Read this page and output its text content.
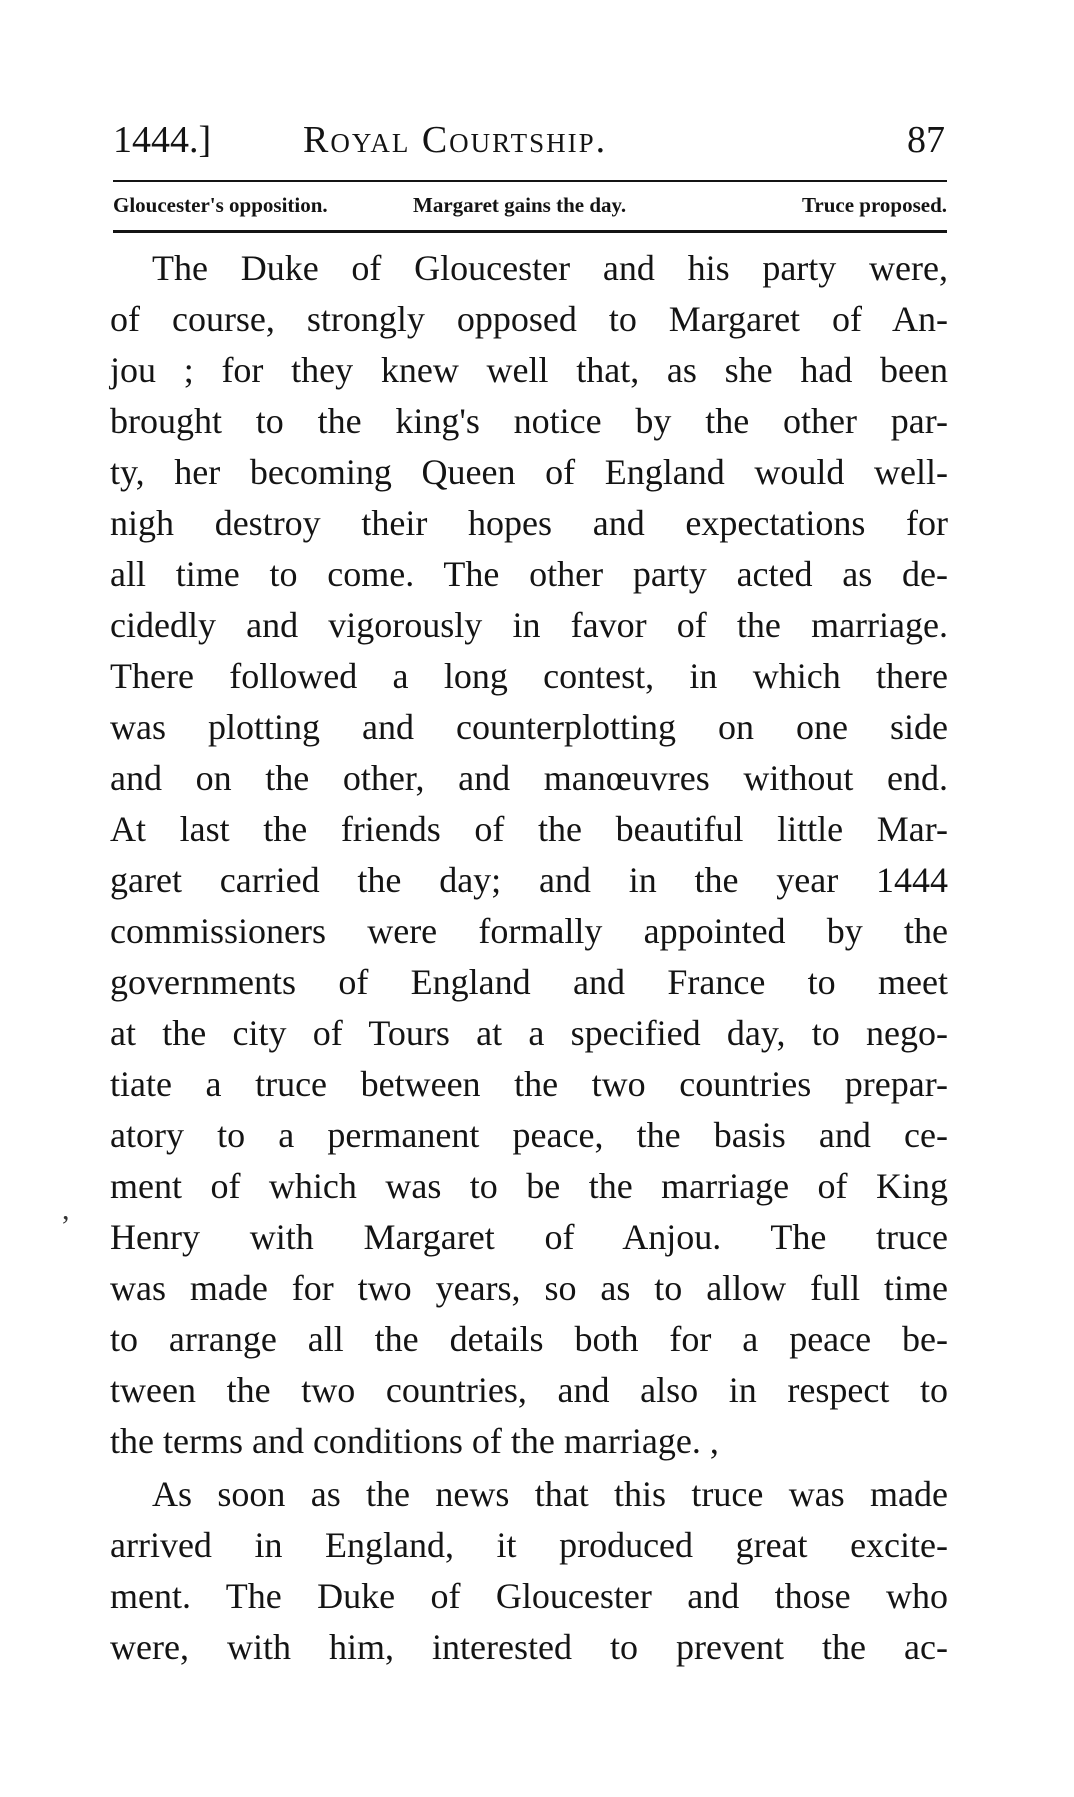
1444.] Royal Courtship.	87
Gloucester's opposition.	Margaret gains the day.	Truce proposed.
The Duke of Gloucester and his party were,
of course, strongly opposed to Margaret of An-
jou ; for they knew well that, as she had been
brought to the king's notice by the other par-
ty, her becoming Queen of England would well-
nigh destroy their hopes and expectations for
all time to come. The other party acted as de-
cidedly and vigorously in favor of the marriage.
There followed a long contest, in which there
was plotting and counterplotting on one side
and on the other, and manœuvres without end.
At last the friends of the beautiful little Mar-
garet carried the day; and in the year 1444
commissioners were formally appointed by the
governments of England and France to meet
at the city of Tours at a specified day, to nego-
tiate a truce between the two countries prepar-
atory to a permanent peace, the basis and ce-
ment of which was to be the marriage of King
Henry with Margaret of Anjou. The truce
was made for two years, so as to allow full time
to arrange all the details both for a peace be-
tween the two countries, and also in respect to
the terms and conditions of the marriage. ,
As soon as the news that this truce was made
arrived in England, it produced great excite-
ment. The Duke of Gloucester and those who
were, with him, interested to prevent the ac-
,
